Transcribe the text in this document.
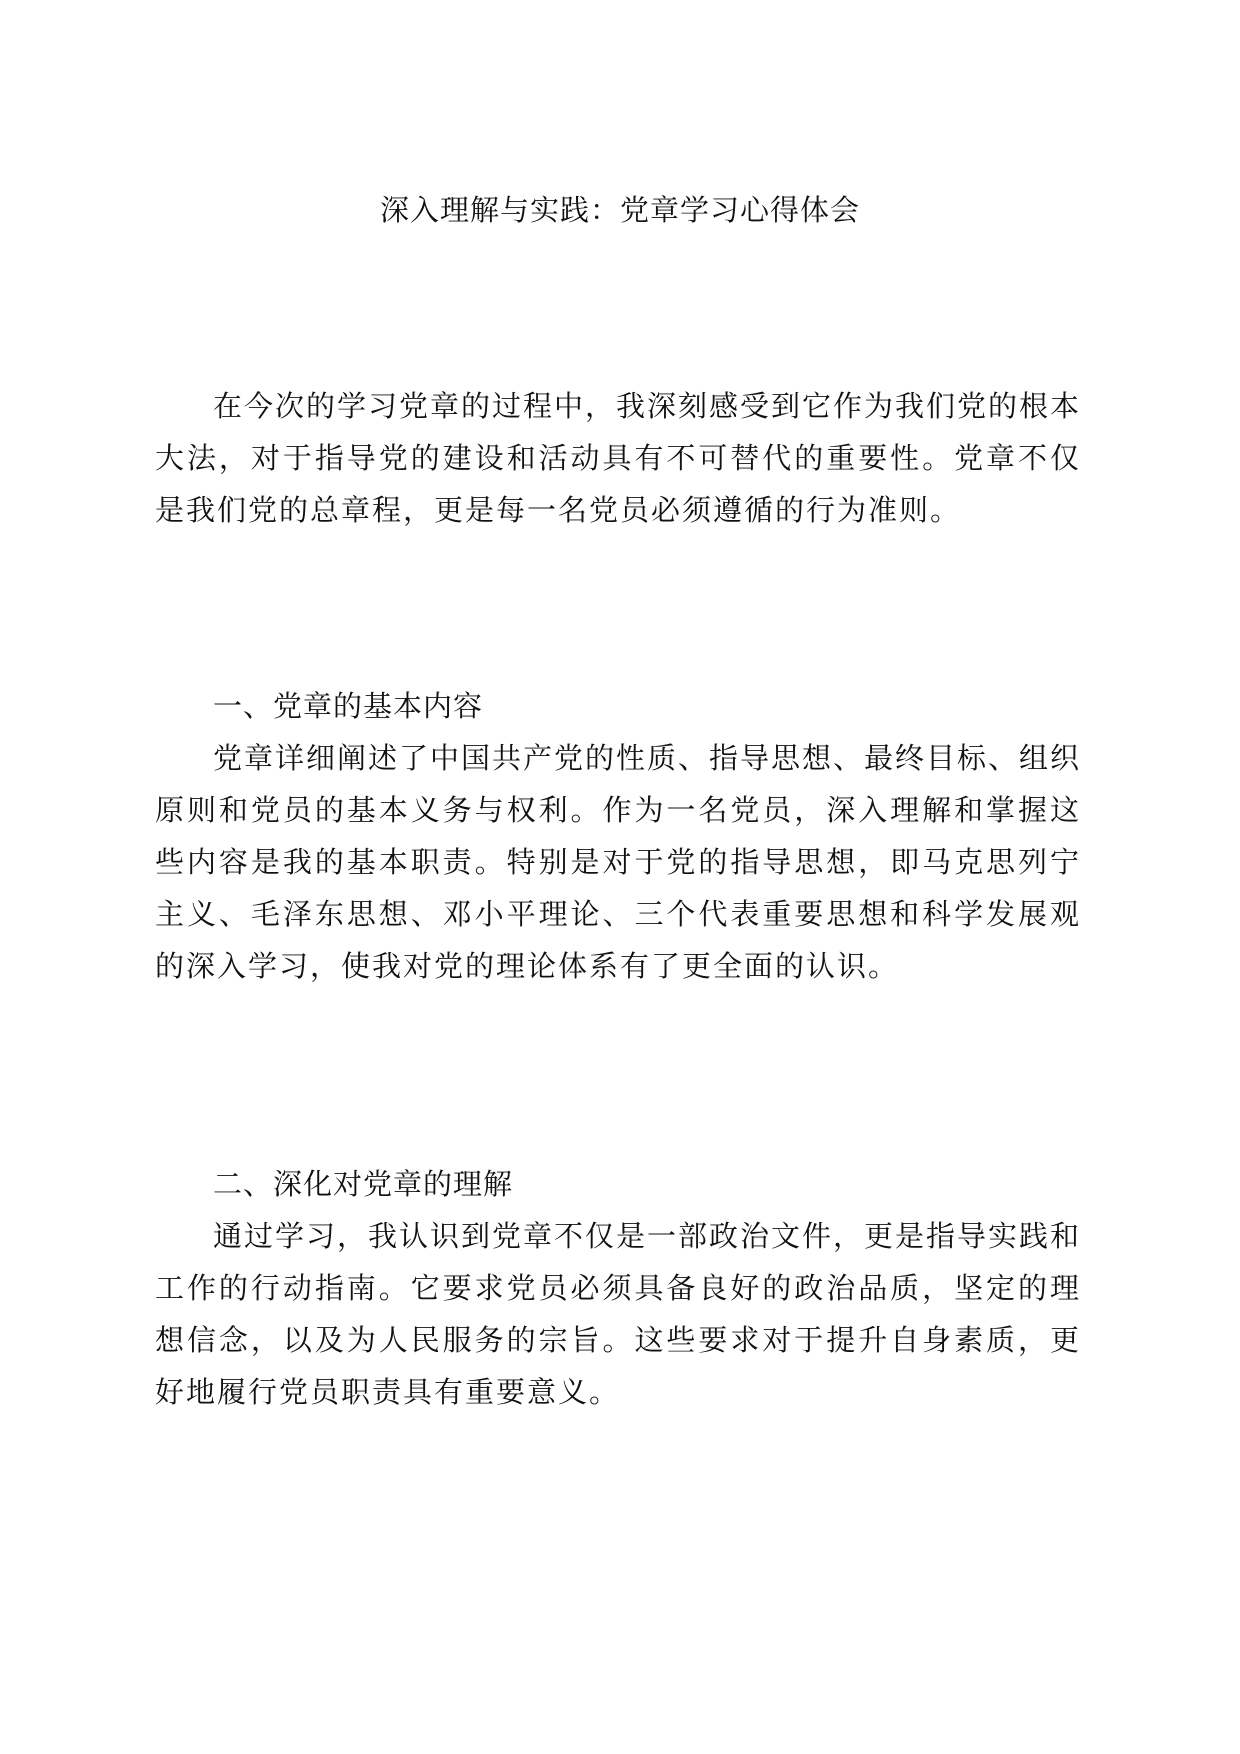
深入理解与实践：党章学习心得体会

在今次的学习党章的过程中，我深刻感受到它作为我们党的根本大法，对于指导党的建设和活动具有不可替代的重要性。党章不仅是我们党的总章程，更是每一名党员必须遵循的行为准则。

一、党章的基本内容

党章详细阐述了中国共产党的性质、指导思想、最终目标、组织原则和党员的基本义务与权利。作为一名党员，深入理解和掌握这些内容是我的基本职责。特别是对于党的指导思想，即马克思列宁主义、毛泽东思想、邓小平理论、三个代表重要思想和科学发展观的深入学习，使我对党的理论体系有了更全面的认识。

二、深化对党章的理解

通过学习，我认识到党章不仅是一部政治文件，更是指导实践和工作的行动指南。它要求党员必须具备良好的政治品质，坚定的理想信念，以及为人民服务的宗旨。这些要求对于提升自身素质，更好地履行党员职责具有重要意义。
